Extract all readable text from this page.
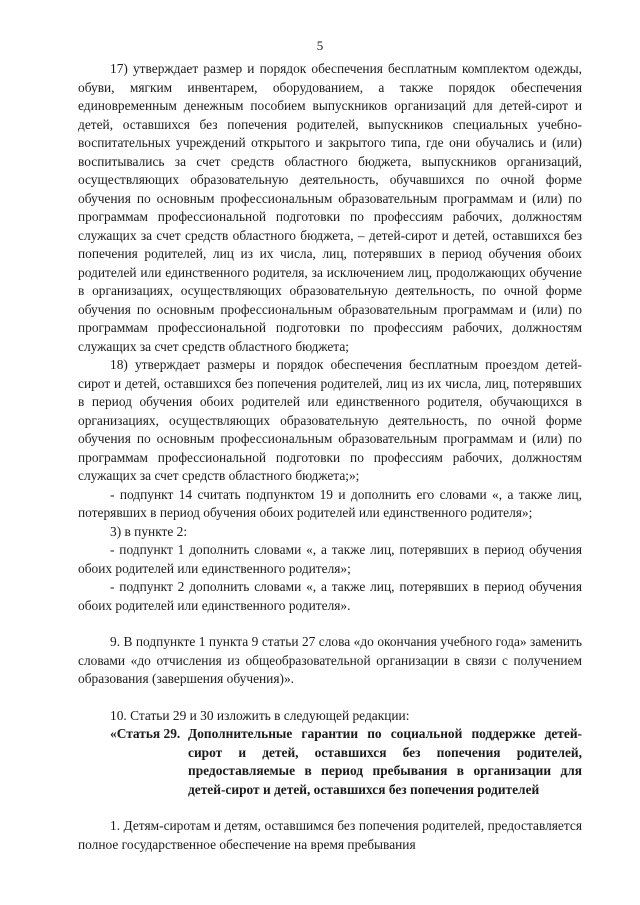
5

17) утверждает размер и порядок обеспечения бесплатным комплектом одежды, обуви, мягким инвентарем, оборудованием, а также порядок обеспечения единовременным денежным пособием выпускников организаций для детей-сирот и детей, оставшихся без попечения родителей, выпускников специальных учебно-воспитательных учреждений открытого и закрытого типа, где они обучались и (или) воспитывались за счет средств областного бюджета, выпускников организаций, осуществляющих образовательную деятельность, обучавшихся по очной форме обучения по основным профессиональным образовательным программам и (или) по программам профессиональной подготовки по профессиям рабочих, должностям служащих за счет средств областного бюджета, – детей-сирот и детей, оставшихся без попечения родителей, лиц из их числа, лиц, потерявших в период обучения обоих родителей или единственного родителя, за исключением лиц, продолжающих обучение в организациях, осуществляющих образовательную деятельность, по очной форме обучения по основным профессиональным образовательным программам и (или) по программам профессиональной подготовки по профессиям рабочих, должностям служащих за счет средств областного бюджета;

18) утверждает размеры и порядок обеспечения бесплатным проездом детей-сирот и детей, оставшихся без попечения родителей, лиц из их числа, лиц, потерявших в период обучения обоих родителей или единственного родителя, обучающихся в организациях, осуществляющих образовательную деятельность, по очной форме обучения по основным профессиональным образовательным программам и (или) по программам профессиональной подготовки по профессиям рабочих, должностям служащих за счет средств областного бюджета;»;

- подпункт 14 считать подпунктом 19 и дополнить его словами «, а также лиц, потерявших в период обучения обоих родителей или единственного родителя»;

3) в пункте 2:

- подпункт 1 дополнить словами «, а также лиц, потерявших в период обучения обоих родителей или единственного родителя»;

- подпункт 2 дополнить словами «, а также лиц, потерявших в период обучения обоих родителей или единственного родителя».

9. В подпункте 1 пункта 9 статьи 27 слова «до окончания учебного года» заменить словами «до отчисления из общеобразовательной организации в связи с получением образования (завершения обучения)».

10. Статьи 29 и 30 изложить в следующей редакции:

«Статья 29. Дополнительные гарантии по социальной поддержке детей-сирот и детей, оставшихся без попечения родителей, предоставляемые в период пребывания в организации для детей-сирот и детей, оставшихся без попечения родителей

1. Детям-сиротам и детям, оставшимся без попечения родителей, предоставляется полное государственное обеспечение на время пребывания
